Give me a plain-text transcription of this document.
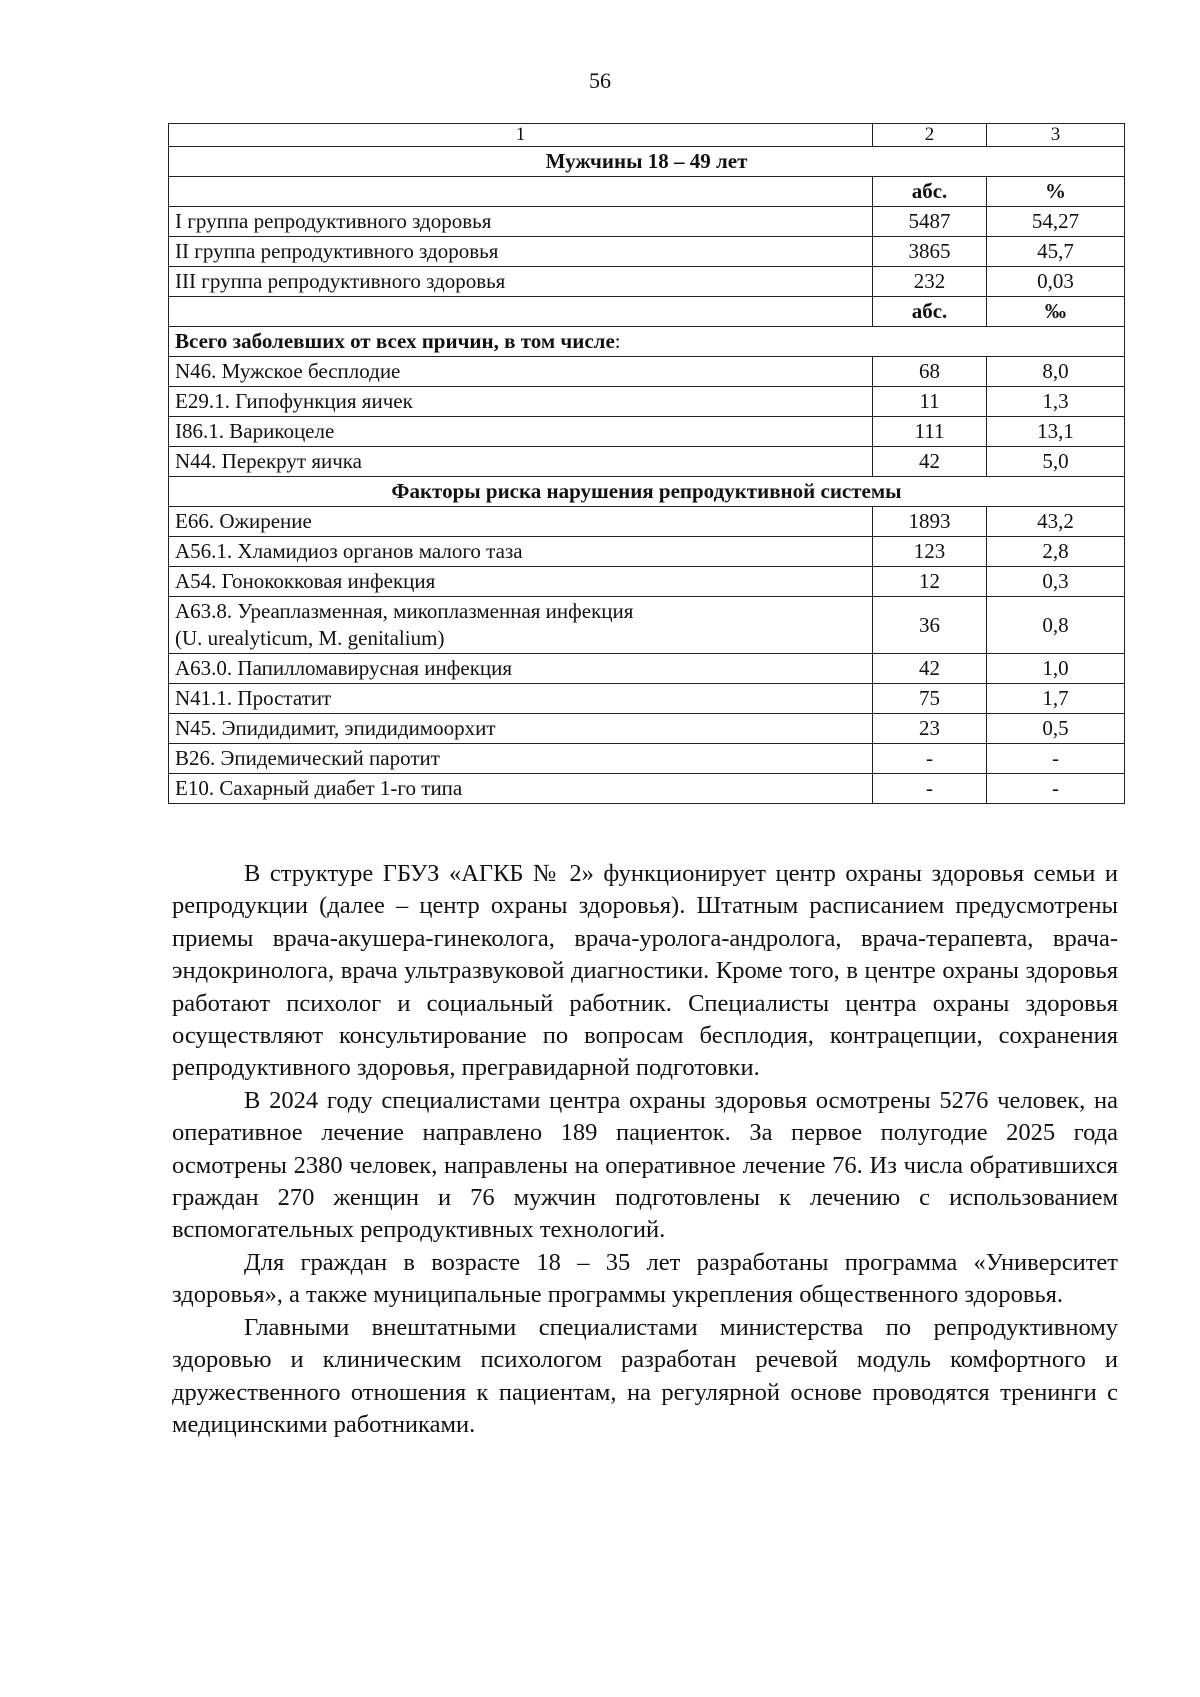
56
1	2	3
Мужчины 18 – 49 лет		
	абс.	%
I группа репродуктивного здоровья	5487	54,27
II группа репродуктивного здоровья	3865	45,7
III группа репродуктивного здоровья	232	0,03
	абс.	‰
Всего заболевших от всех причин, в том числе:		
N46. Мужское бесплодие	68	8,0
E29.1. Гипофункция яичек	11	1,3
I86.1. Варикоцеле	111	13,1
N44. Перекрут яичка	42	5,0
Факторы риска нарушения репродуктивной системы		
E66. Ожирение	1893	43,2
A56.1. Хламидиоз органов малого таза	123	2,8
A54. Гонококковая инфекция	12	0,3
A63.8. Уреаплазменная, микоплазменная инфекция
(U. urealyticum, M. genitalium)	36	0,8
A63.0. Папилломавирусная инфекция	42	1,0
N41.1. Простатит	75	1,7
N45. Эпидидимит, эпидидимоорхит	23	0,5
B26. Эпидемический паротит	-	-
E10. Сахарный диабет 1-го типа	-	-

В структуре ГБУЗ «АГКБ № 2» функционирует центр охраны здоровья семьи и репродукции (далее – центр охраны здоровья). Штатным расписанием предусмотрены приемы врача-акушера-гинеколога, врача-уролога-андролога, врача-терапевта, врача-эндокринолога, врача ультразвуковой диагностики. Кроме того, в центре охраны здоровья работают психолог и социальный работник. Специалисты центра охраны здоровья осуществляют консультирование по вопросам бесплодия, контрацепции, сохранения репродуктивного здоровья, прегравидарной подготовки.

В 2024 году специалистами центра охраны здоровья осмотрены 5276 человек, на оперативное лечение направлено 189 пациенток. За первое полугодие 2025 года осмотрены 2380 человек, направлены на оперативное лечение 76. Из числа обратившихся граждан 270 женщин и 76 мужчин подготовлены к лечению с использованием вспомогательных репродуктивных технологий.

Для граждан в возрасте 18 – 35 лет разработаны программа «Университет здоровья», а также муниципальные программы укрепления общественного здоровья.

Главными внештатными специалистами министерства по репродуктивному здоровью и клиническим психологом разработан речевой модуль комфортного и дружественного отношения к пациентам, на регулярной основе проводятся тренинги с медицинскими работниками.
